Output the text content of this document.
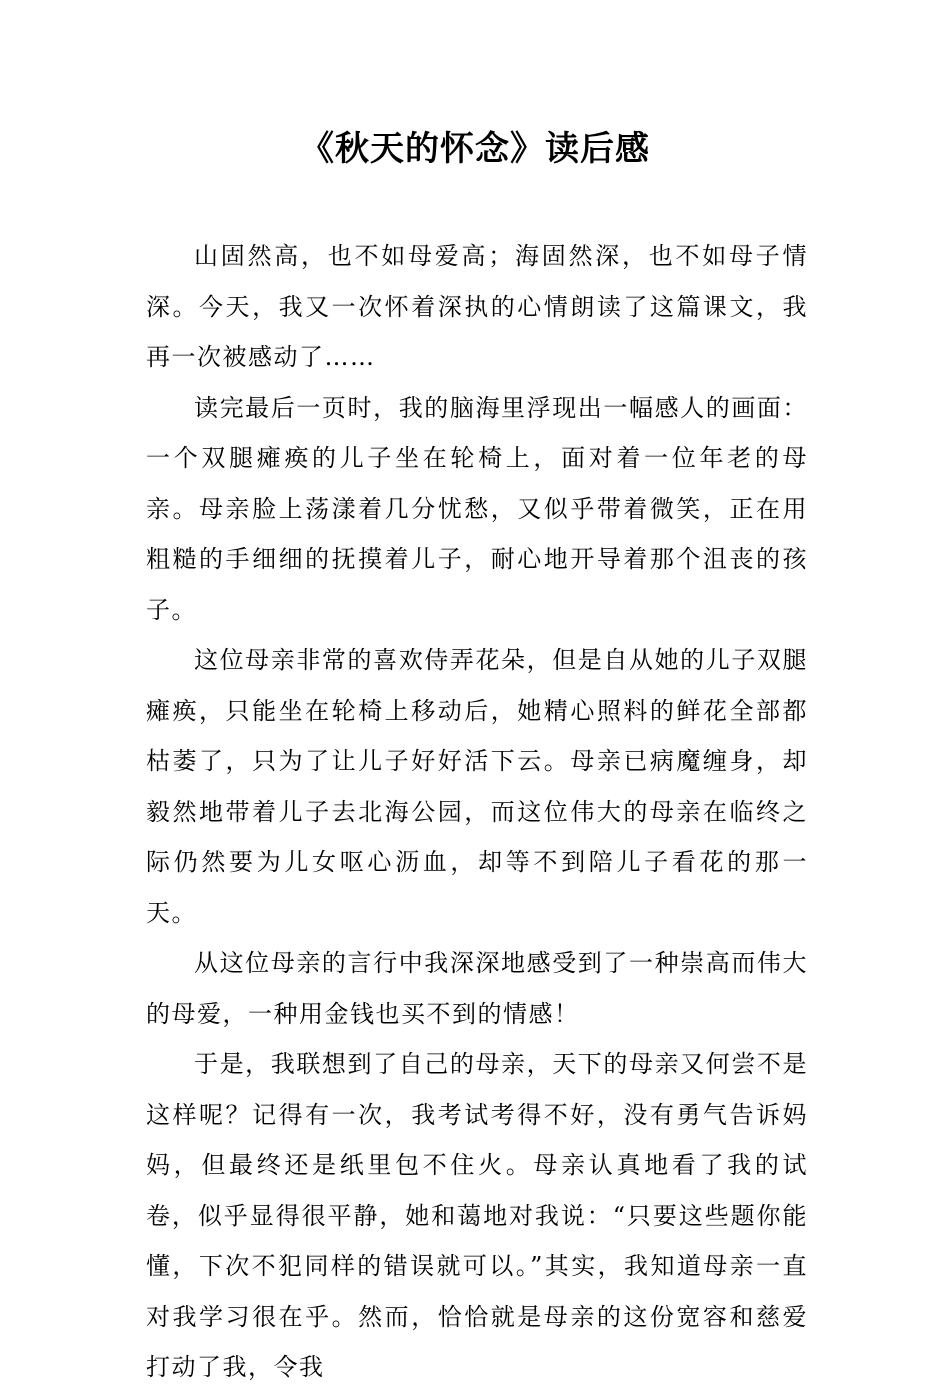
《秋天的怀念》读后感

山固然高，也不如母爱高；海固然深，也不如母子情深。今天，我又一次怀着深执的心情朗读了这篇课文，我再一次被感动了……

读完最后一页时，我的脑海里浮现出一幅感人的画面：一个双腿瘫痪的儿子坐在轮椅上，面对着一位年老的母亲。母亲脸上荡漾着几分忧愁，又似乎带着微笑，正在用粗糙的手细细的抚摸着儿子，耐心地开导着那个沮丧的孩子。

这位母亲非常的喜欢侍弄花朵，但是自从她的儿子双腿瘫痪，只能坐在轮椅上移动后，她精心照料的鲜花全部都枯萎了，只为了让儿子好好活下云。母亲已病魔缠身，却毅然地带着儿子去北海公园，而这位伟大的母亲在临终之际仍然要为儿女呕心沥血，却等不到陪儿子看花的那一天。

从这位母亲的言行中我深深地感受到了一种崇高而伟大的母爱，一种用金钱也买不到的情感！

于是，我联想到了自己的母亲，天下的母亲又何尝不是这样呢？记得有一次，我考试考得不好，没有勇气告诉妈妈，但最终还是纸里包不住火。母亲认真地看了我的试卷，似乎显得很平静，她和蔼地对我说：“只要这些题你能懂，下次不犯同样的错误就可以。”其实，我知道母亲一直对我学习很在乎。然而，恰恰就是母亲的这份宽容和慈爱打动了我，令我
